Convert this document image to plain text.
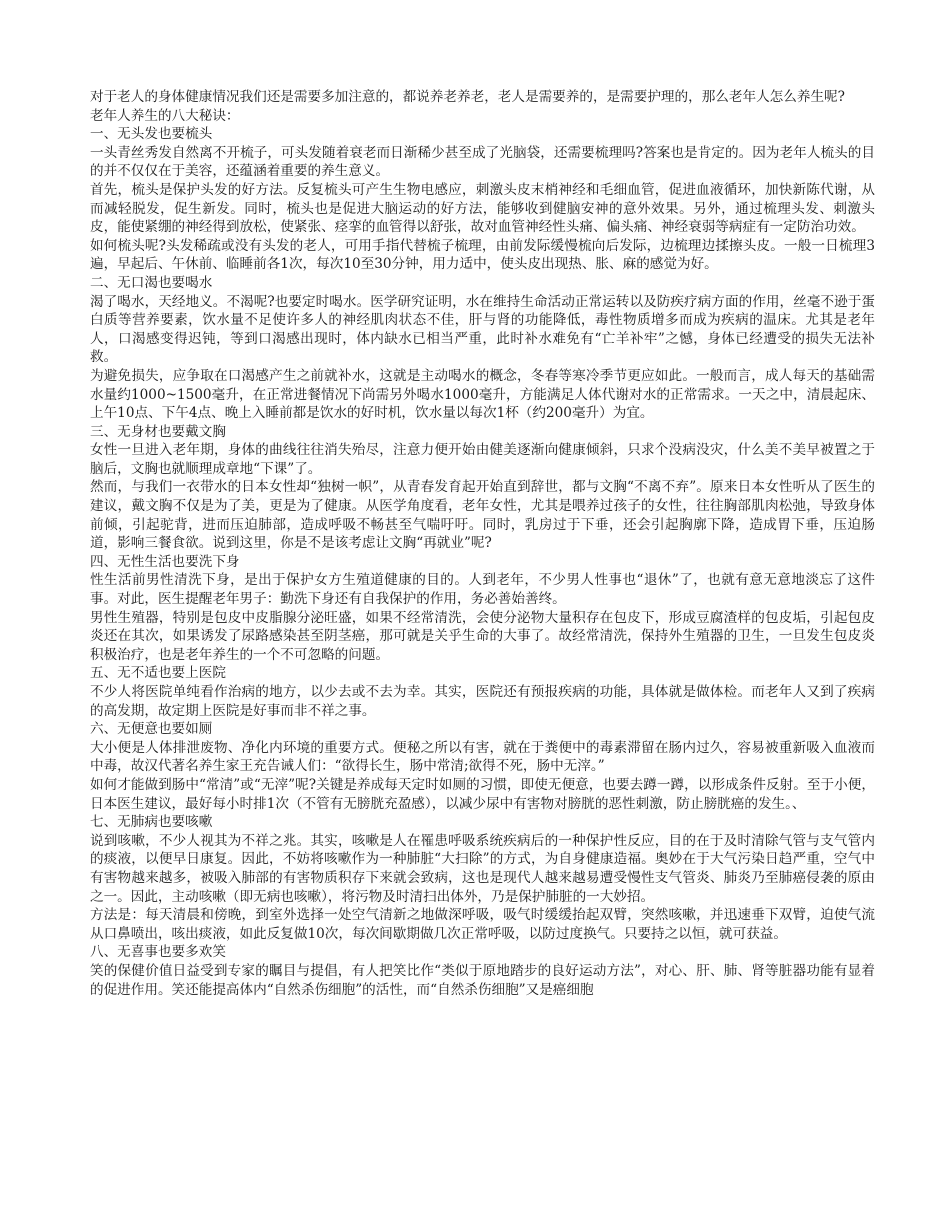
对于老人的身体健康情况我们还是需要多加注意的，都说养老养老，老人是需要养的，是需要护理的，那么老年人怎么养生呢?

老年人养生的八大秘诀：

一、无头发也要梳头

一头青丝秀发自然离不开梳子，可头发随着衰老而日渐稀少甚至成了光脑袋，还需要梳理吗?答案也是肯定的。因为老年人梳头的目的并不仅仅在于美容，还蕴涵着重要的养生意义。

首先，梳头是保护头发的好方法。反复梳头可产生生物电感应，刺激头皮末梢神经和毛细血管，促进血液循环，加快新陈代谢，从而减轻脱发，促生新发。同时，梳头也是促进大脑运动的好方法，能够收到健脑安神的意外效果。另外，通过梳理头发、刺激头皮，能使紧绷的神经得到放松，使紧张、痉挛的血管得以舒张，故对血管神经性头痛、偏头痛、神经衰弱等病症有一定防治功效。

如何梳头呢?头发稀疏或没有头发的老人，可用手指代替梳子梳理，由前发际缓慢梳向后发际，边梳理边揉擦头皮。一般一日梳理3遍，早起后、午休前、临睡前各1次，每次10至30分钟，用力适中，使头皮出现热、胀、麻的感觉为好。

二、无口渴也要喝水

渴了喝水，天经地义。不渴呢?也要定时喝水。医学研究证明，水在维持生命活动正常运转以及防疾疗病方面的作用，丝毫不逊于蛋白质等营养要素，饮水量不足使许多人的神经肌肉状态不佳，肝与肾的功能降低，毒性物质增多而成为疾病的温床。尤其是老年人，口渴感变得迟钝，等到口渴感出现时，体内缺水已相当严重，此时补水难免有“亡羊补牢”之憾，身体已经遭受的损失无法补救。

为避免损失，应争取在口渴感产生之前就补水，这就是主动喝水的概念，冬春等寒冷季节更应如此。一般而言，成人每天的基础需水量约1000~1500毫升，在正常进餐情况下尚需另外喝水1000毫升，方能满足人体代谢对水的正常需求。一天之中，清晨起床、上午10点、下午4点、晚上入睡前都是饮水的好时机，饮水量以每次1杯（约200毫升）为宜。

三、无身材也要戴文胸

女性一旦进入老年期，身体的曲线往往消失殆尽，注意力便开始由健美逐渐向健康倾斜，只求个没病没灾，什么美不美早被置之于脑后，文胸也就顺理成章地“下课”了。

然而，与我们一衣带水的日本女性却“独树一帜”，从青春发育起开始直到辞世，都与文胸“不离不弃”。原来日本女性听从了医生的建议，戴文胸不仅是为了美，更是为了健康。从医学角度看，老年女性，尤其是喂养过孩子的女性，往往胸部肌肉松弛，导致身体前倾，引起驼背，进而压迫肺部，造成呼吸不畅甚至气喘吁吁。同时，乳房过于下垂，还会引起胸廓下降，造成胃下垂，压迫肠道，影响三餐食欲。说到这里，你是不是该考虑让文胸“再就业”呢?

四、无性生活也要洗下身

性生活前男性清洗下身，是出于保护女方生殖道健康的目的。人到老年，不少男人性事也“退休”了，也就有意无意地淡忘了这件事。对此，医生提醒老年男子：勤洗下身还有自我保护的作用，务必善始善终。

男性生殖器，特别是包皮中皮脂腺分泌旺盛，如果不经常清洗，会使分泌物大量积存在包皮下，形成豆腐渣样的包皮垢，引起包皮炎还在其次，如果诱发了尿路感染甚至阴茎癌，那可就是关乎生命的大事了。故经常清洗，保持外生殖器的卫生，一旦发生包皮炎积极治疗，也是老年养生的一个不可忽略的问题。

五、无不适也要上医院

不少人将医院单纯看作治病的地方，以少去或不去为幸。其实，医院还有预报疾病的功能，具体就是做体检。而老年人又到了疾病的高发期，故定期上医院是好事而非不祥之事。

六、无便意也要如厕

大小便是人体排泄废物、净化内环境的重要方式。便秘之所以有害，就在于粪便中的毒素滞留在肠内过久，容易被重新吸入血液而中毒，故汉代著名养生家王充告诫人们：“欲得长生，肠中常清;欲得不死，肠中无滓。”

如何才能做到肠中“常清”或“无滓”呢?关键是养成每天定时如厕的习惯，即使无便意，也要去蹲一蹲，以形成条件反射。至于小便，日本医生建议，最好每小时排1次（不管有无膀胱充盈感），以减少尿中有害物对膀胱的恶性刺激，防止膀胱癌的发生。、

七、无肺病也要咳嗽

说到咳嗽，不少人视其为不祥之兆。其实，咳嗽是人在罹患呼吸系统疾病后的一种保护性反应，目的在于及时清除气管与支气管内的痰液，以便早日康复。因此，不妨将咳嗽作为一种肺脏“大扫除”的方式，为自身健康造福。奥妙在于大气污染日趋严重，空气中有害物越来越多，被吸入肺部的有害物质积存下来就会致病，这也是现代人越来越易遭受慢性支气管炎、肺炎乃至肺癌侵袭的原由之一。因此，主动咳嗽（即无病也咳嗽），将污物及时清扫出体外，乃是保护肺脏的一大妙招。

方法是：每天清晨和傍晚，到室外选择一处空气清新之地做深呼吸，吸气时缓缓抬起双臂，突然咳嗽，并迅速垂下双臂，迫使气流从口鼻喷出，咳出痰液，如此反复做10次，每次间歇期做几次正常呼吸，以防过度换气。只要持之以恒，就可获益。

八、无喜事也要多欢笑

笑的保健价值日益受到专家的瞩目与提倡，有人把笑比作“类似于原地踏步的良好运动方法”，对心、肝、肺、肾等脏器功能有显着的促进作用。笑还能提高体内“自然杀伤细胞”的活性，而“自然杀伤细胞”又是癌细胞
